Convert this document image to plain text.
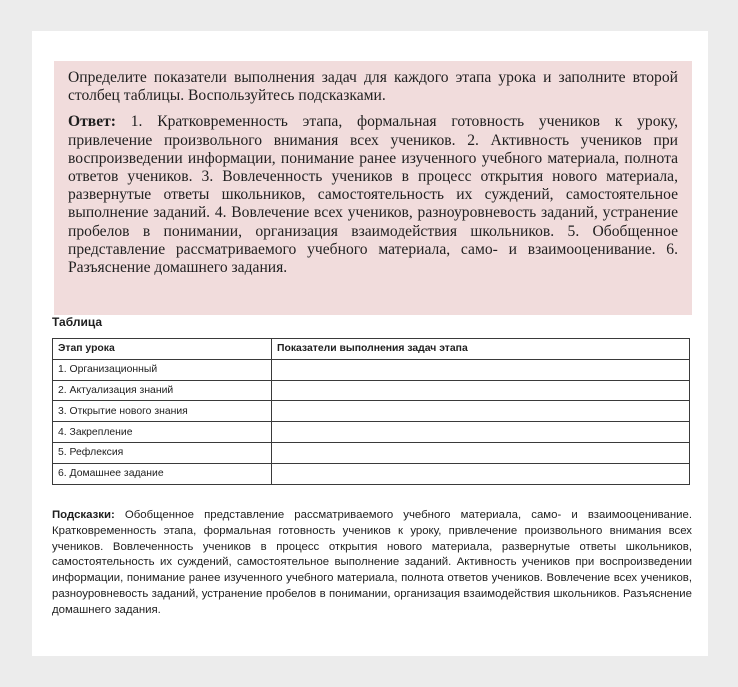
Определите показатели выполнения задач для каждого этапа урока и заполните второй столбец таблицы. Воспользуйтесь подсказками.

Ответ: 1. Кратковременность этапа, формальная готовность учеников к уроку, привлечение произвольного внимания всех учеников. 2. Активность учеников при воспроизведении информации, понимание ранее изученного учебного материала, полнота ответов учеников. 3. Вовлеченность учеников в процесс открытия нового материала, развернутые ответы школьников, самостоятельность их суждений, самостоятельное выполнение заданий. 4. Вовлечение всех учеников, разноуровневость заданий, устранение пробелов в понимании, организация взаимодействия школьников. 5. Обобщенное представление рассматриваемого учебного материала, само- и взаимооценивание. 6. Разъяснение домашнего задания.

Таблица
Этап урока	Показатели выполнения задач этапа
1. Организационный	
2. Актуализация знаний	
3. Открытие нового знания	
4. Закрепление	
5. Рефлексия	
6. Домашнее задание	
Подсказки: Обобщенное представление рассматриваемого учебного материала, само- и взаимооценивание. Кратковременность этапа, формальная готовность учеников к уроку, привлечение произвольного внимания всех учеников. Вовлеченность учеников в процесс открытия нового материала, развернутые ответы школьников, самостоятельность их суждений, самостоятельное выполнение заданий. Активность учеников при воспроизведении информации, понимание ранее изученного учебного материала, полнота ответов учеников. Вовлечение всех учеников, разноуровневость заданий, устранение пробелов в понимании, организация взаимодействия школьников. Разъяснение домашнего задания.
